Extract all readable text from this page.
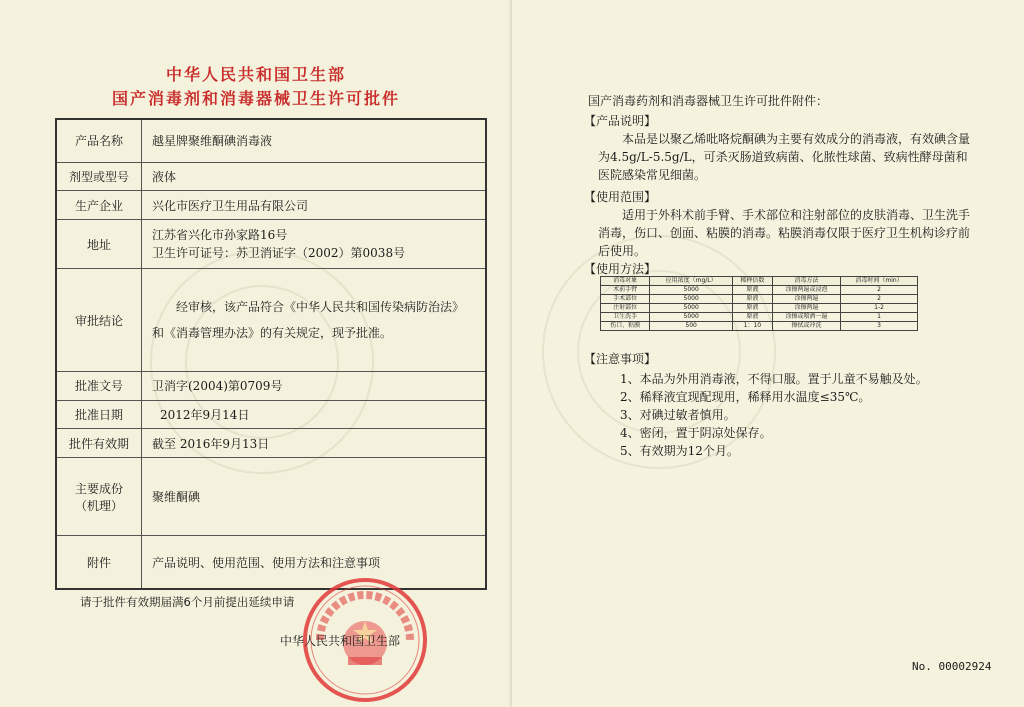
中华人民共和国卫生部
国产消毒剂和消毒器械卫生许可批件
产品名称	越星牌聚维酮碘消毒液
剂型或型号	液体
生产企业	兴化市医疗卫生用品有限公司
地址	江苏省兴化市孙家路16号
卫生许可证号：苏卫消证字（2002）第0038号

审批结论	经审核，该产品符合《中华人民共和国传染病防治法》和《消毒管理办法》的有关规定，现予批准。
批准文号	卫消字(2004)第0709号
批准日期	2012年9月14日
批件有效期	截至 2016年9月13日

主要成份
（机理）	聚维酮碘
附件	产品说明、使用范围、使用方法和注意事项
请于批件有效期届满6个月前提出延续申请
中华人民共和国卫生部
国产消毒药剂和消毒器械卫生许可批件附件：
【产品说明】
本品是以聚乙烯吡咯烷酮碘为主要有效成分的消毒液，有效碘含量为4.5g/L-5.5g/L，可杀灭肠道致病菌、化脓性球菌、致病性酵母菌和医院感染常见细菌。
【使用范围】
适用于外科术前手臂、手术部位和注射部位的皮肤消毒、卫生洗手消毒，伤口、创面、粘膜的消毒。粘膜消毒仅限于医疗卫生机构诊疗前后使用。
【使用方法】
消毒对象	应用浓度（mg/L）	稀释倍数	消毒方法	消毒时间（min）
术前手臂	5000	原液	涂擦两遍或浸泡	2
手术部位	5000	原液	涂擦两遍	2
注射部位	5000	原液	涂擦两遍	1-2
卫生洗手	5000	原液	涂擦或喷洒一遍	1
伤口、粘膜	500	1：10	擦拭或冲洗	3
【注意事项】
1、本品为外用消毒液，不得口服。置于儿童不易触及处。
2、稀释液宜现配现用，稀释用水温度≤35℃。
3、对碘过敏者慎用。
4、密闭，置于阴凉处保存。
5、有效期为12个月。
No. 00002924
